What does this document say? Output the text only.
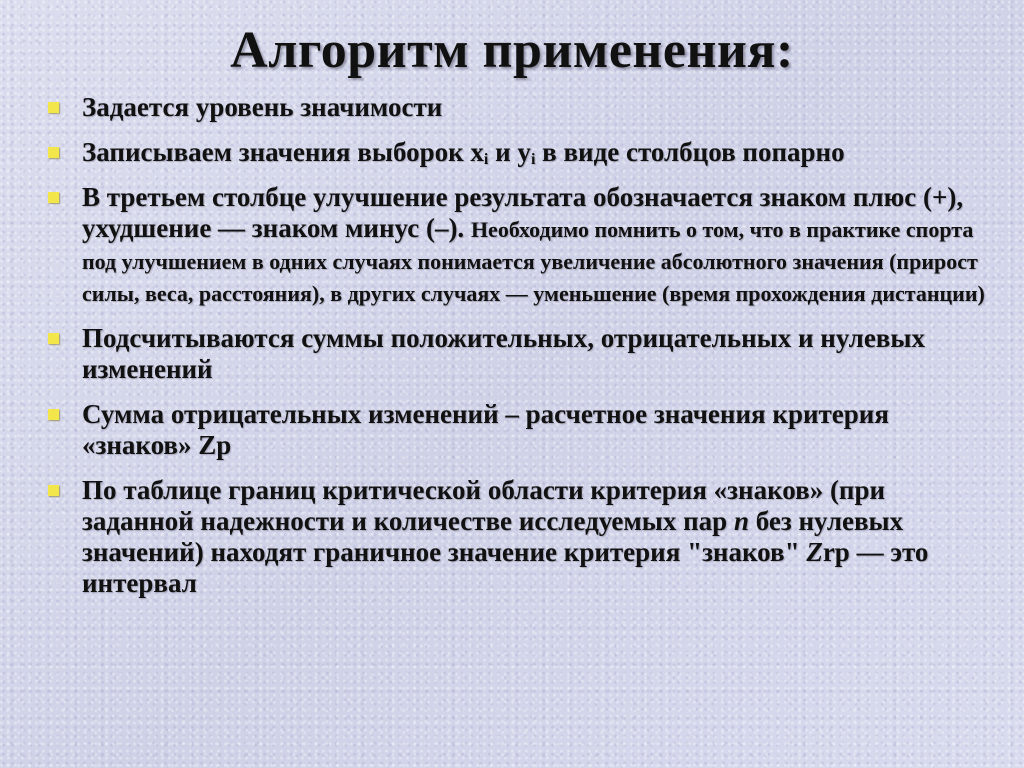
Алгоритм применения:
Задается уровень значимости
Записываем значения выборок $x_i$ и $y_i$ в виде столбцов попарно
В третьем столбце улучшение результата обозначается знаком плюс (+), ухудшение — знаком минус (–). Необходимо помнить о том, что в практике спорта под улучшением в одних случаях понимается увеличение абсолютного значения (прирост силы, веса, расстояния), в других случаях — уменьшение (время прохождения дистанции)
Подсчитываются суммы положительных, отрицательных и нулевых изменений
Сумма отрицательных изменений – расчетное значения критерия «знаков» Zp
По таблице границ критической области критерия «знаков» (при заданной надежности и количестве исследуемых пар n без нулевых значений) находят граничное значение критерия "знаков" Zrp — это интервал
